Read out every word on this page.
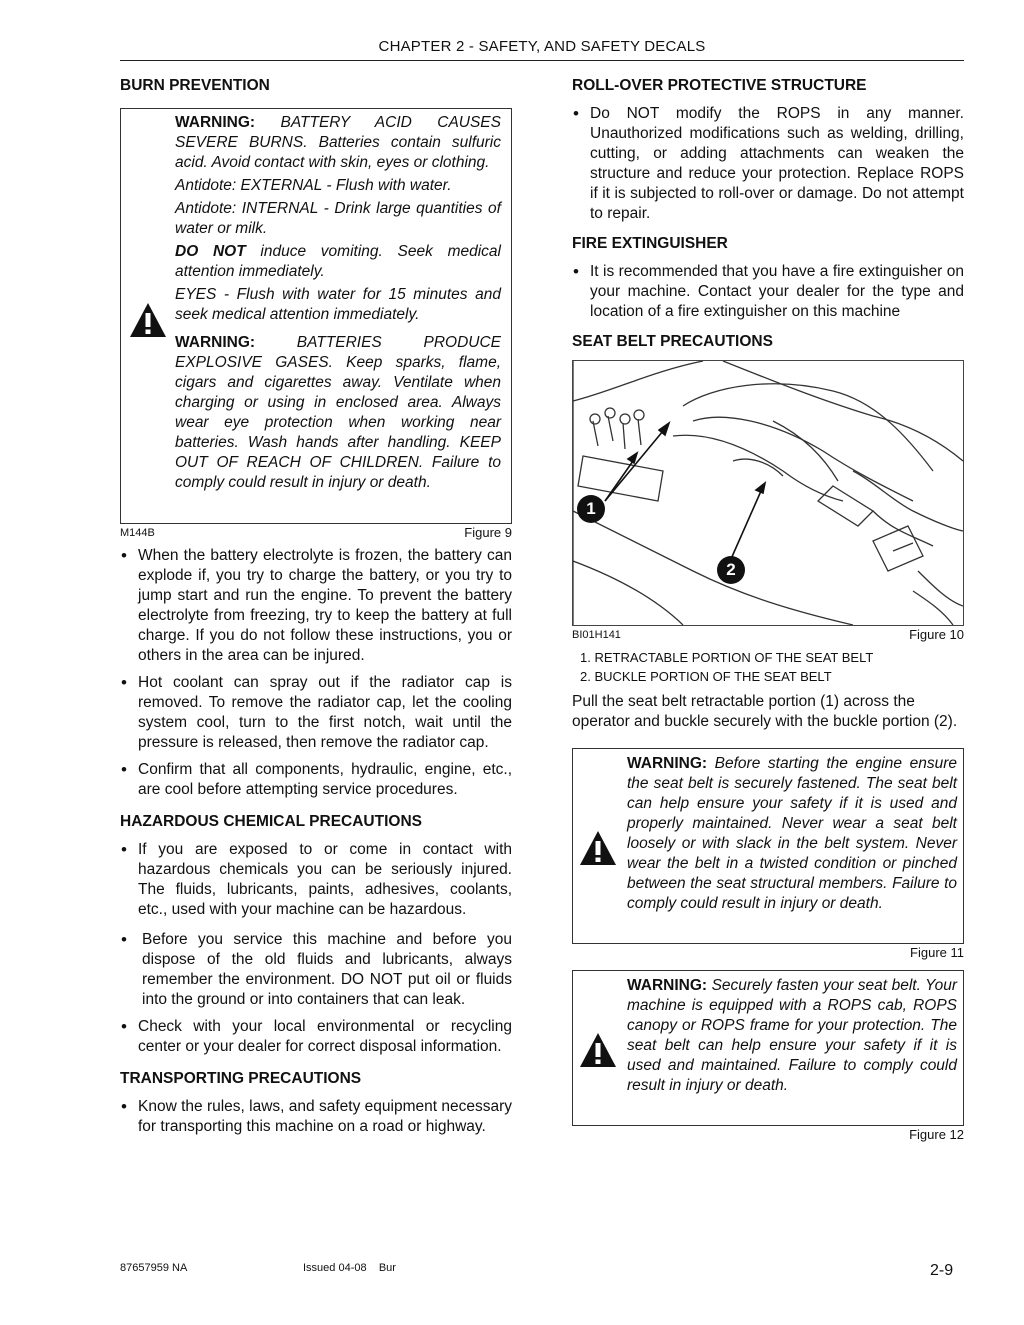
CHAPTER 2 - SAFETY, AND SAFETY DECALS
BURN PREVENTION

WARNING: BATTERY ACID CAUSES SEVERE BURNS. Batteries contain sulfuric acid. Avoid contact with skin, eyes or clothing.

Antidote: EXTERNAL - Flush with water.

Antidote: INTERNAL - Drink large quantities of water or milk.

DO NOT induce vomiting. Seek medical attention immediately.

EYES - Flush with water for 15 minutes and seek medical attention immediately.

WARNING: BATTERIES PRODUCE EXPLOSIVE GASES. Keep sparks, flame, cigars and cigarettes away. Ventilate when charging or using in enclosed area. Always wear eye protection when working near batteries. Wash hands after handling. KEEP OUT OF REACH OF CHILDREN. Failure to comply could result in injury or death.

M144B	Figure 9
• When the battery electrolyte is frozen, the battery can explode if, you try to charge the battery, or you try to jump start and run the engine. To prevent the battery electrolyte from freezing, try to keep the battery at full charge. If you do not follow these instructions, you or others in the area can be injured.
• Hot coolant can spray out if the radiator cap is removed. To remove the radiator cap, let the cooling system cool, turn to the first notch, wait until the pressure is released, then remove the radiator cap.
• Confirm that all components, hydraulic, engine, etc., are cool before attempting service procedures.
HAZARDOUS CHEMICAL PRECAUTIONS
• If you are exposed to or come in contact with hazardous chemicals you can be seriously injured. The fluids, lubricants, paints, adhesives, coolants, etc., used with your machine can be hazardous.
• Before you service this machine and before you dispose of the old fluids and lubricants, always remember the environment. DO NOT put oil or fluids into the ground or into containers that can leak.
• Check with your local environmental or recycling center or your dealer for correct disposal information.
TRANSPORTING PRECAUTIONS
• Know the rules, laws, and safety equipment necessary for transporting this machine on a road or highway.
ROLL-OVER PROTECTIVE STRUCTURE
• Do NOT modify the ROPS in any manner. Unauthorized modifications such as welding, drilling, cutting, or adding attachments can weaken the structure and reduce your protection. Replace ROPS if it is subjected to roll-over or damage. Do not attempt to repair.
FIRE EXTINGUISHER
• It is recommended that you have a fire extinguisher on your machine. Contact your dealer for the type and location of a fire extinguisher on this machine
SEAT BELT PRECAUTIONS
1
2
BI01H141	Figure 10
1. RETRACTABLE PORTION OF THE SEAT BELT
2. BUCKLE PORTION OF THE SEAT BELT
Pull the seat belt retractable portion (1) across the operator and buckle securely with the buckle portion (2).
WARNING: Before starting the engine ensure the seat belt is securely fastened. The seat belt can help ensure your safety if it is used and properly maintained. Never wear a seat belt loosely or with slack in the belt system. Never wear the belt in a twisted condition or pinched between the seat structural members. Failure to comply could result in injury or death.
Figure 11
WARNING: Securely fasten your seat belt. Your machine is equipped with a ROPS cab, ROPS canopy or ROPS frame for your protection. The seat belt can help ensure your safety if it is used and maintained. Failure to comply could result in injury or death.
Figure 12
87657959 NA	Issued 04-08    Bur	2-9
